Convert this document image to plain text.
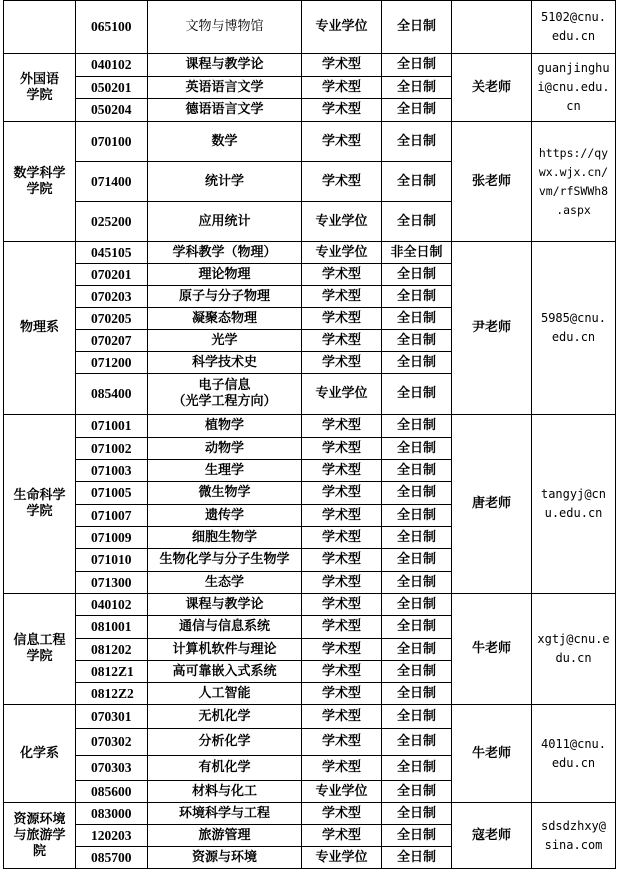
	065100	文物与博物馆	专业学位	全日制		5102@cnu.
edu.cn

外国语
学院	040102	课程与教学论	学术型	全日制	关老师	guanjinghu
i@cnu.edu.
cn

	050201	英语语言文学	学术型	全日制		
	050204	德语语言文学	学术型	全日制		

数学科学
学院	070100	数学	学术型	全日制	张老师	https://qy
wx.wjx.cn/
vm/rfSWWh8
.aspx

	071400	统计学	学术型	全日制		
	025200	应用统计	专业学位	全日制		

物理系	045105	学科教学（物理）	专业学位	非全日制	尹老师	5985@cnu.
edu.cn

	070201	理论物理	学术型	全日制		
	070203	原子与分子物理	学术型	全日制		
	070205	凝聚态物理	学术型	全日制		
	070207	光学	学术型	全日制		
	071200	科学技术史	学术型	全日制		
	085400	电子信息
（光学工程方向）	专业学位	全日制		

生命科学
学院	071001	植物学	学术型	全日制	唐老师	tangyj@cn
u.edu.cn

	071002	动物学	学术型	全日制		
	071003	生理学	学术型	全日制		
	071005	微生物学	学术型	全日制		
	071007	遗传学	学术型	全日制		
	071009	细胞生物学	学术型	全日制		
	071010	生物化学与分子生物学	学术型	全日制		
	071300	生态学	学术型	全日制		

信息工程
学院	040102	课程与教学论	学术型	全日制	牛老师	xgtj@cnu.e
du.cn

	081001	通信与信息系统	学术型	全日制		
	081202	计算机软件与理论	学术型	全日制		
	0812Z1	高可靠嵌入式系统	学术型	全日制		
	0812Z2	人工智能	学术型	全日制		

化学系	070301	无机化学	学术型	全日制	牛老师	4011@cnu.
edu.cn

	070302	分析化学	学术型	全日制		
	070303	有机化学	学术型	全日制		
	085600	材料与化工	专业学位	全日制		

资源环境
与旅游学
院	083000	环境科学与工程	学术型	全日制	寇老师	sdsdzhxy@
sina.com

	120203	旅游管理	学术型	全日制		
	085700	资源与环境	专业学位	全日制		
